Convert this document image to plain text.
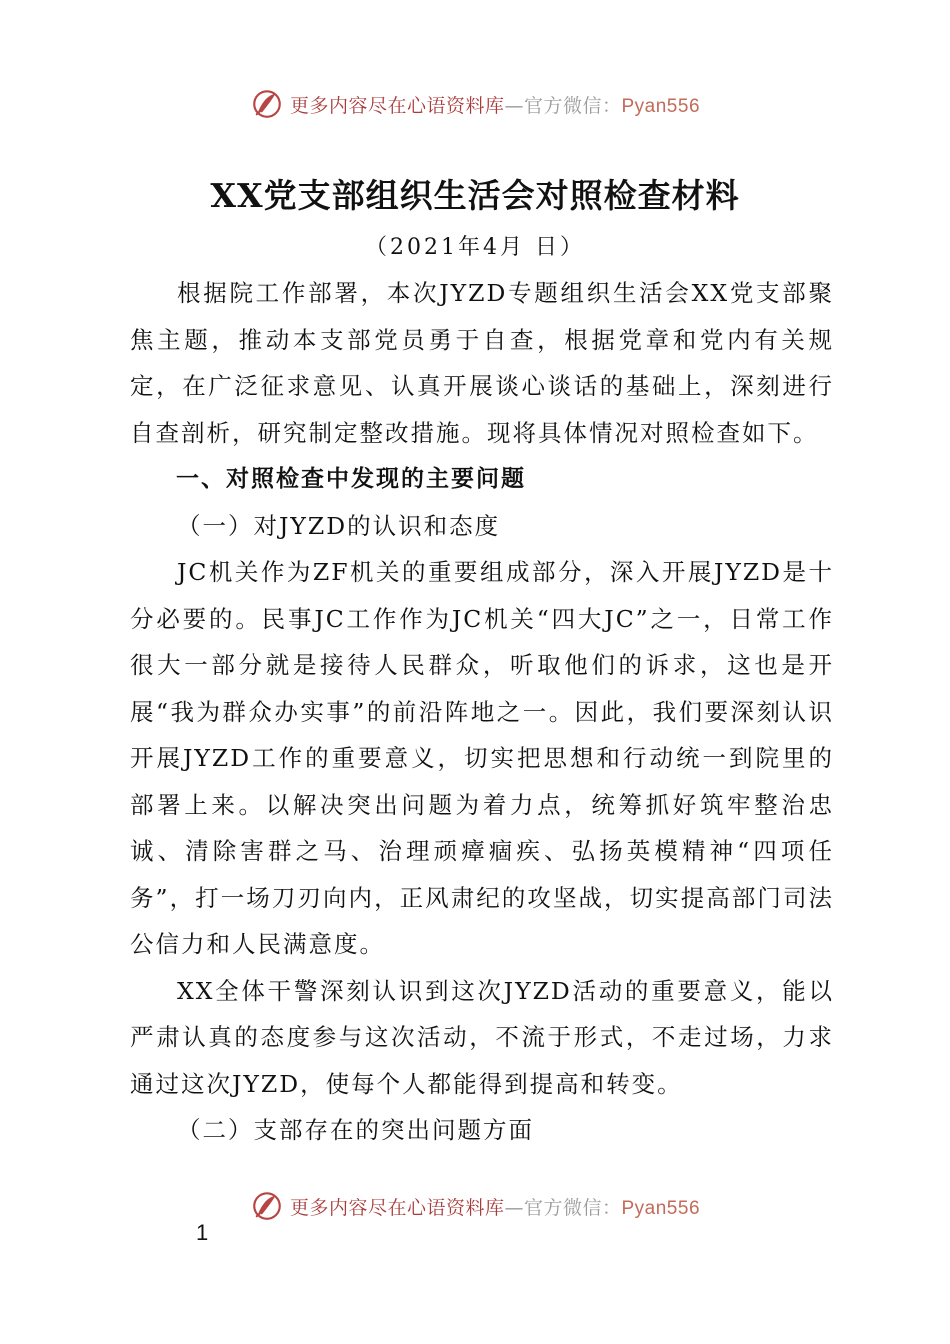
更多内容尽在心语资料库—官方微信：Pyan556
XX党支部组织生活会对照检查材料
（2021年4月 日）

根据院工作部署，本次JYZD专题组织生活会XX党支部聚焦主题，推动本支部党员勇于自查，根据党章和党内有关规定，在广泛征求意见、认真开展谈心谈话的基础上，深刻进行自查剖析，研究制定整改措施。现将具体情况对照检查如下。

一、对照检查中发现的主要问题

（一）对JYZD的认识和态度

JC机关作为ZF机关的重要组成部分，深入开展JYZD是十分必要的。民事JC工作作为JC机关“四大JC”之一，日常工作很大一部分就是接待人民群众，听取他们的诉求，这也是开展“我为群众办实事”的前沿阵地之一。因此，我们要深刻认识开展JYZD工作的重要意义，切实把思想和行动统一到院里的部署上来。以解决突出问题为着力点，统筹抓好筑牢整治忠诚、清除害群之马、治理顽瘴痼疾、弘扬英模精神“四项任务”，打一场刀刃向内，正风肃纪的攻坚战，切实提高部门司法公信力和人民满意度。

XX全体干警深刻认识到这次JYZD活动的重要意义，能以严肃认真的态度参与这次活动，不流于形式，不走过场，力求通过这次JYZD，使每个人都能得到提高和转变。

（二）支部存在的突出问题方面

更多内容尽在心语资料库—官方微信：Pyan556
1
